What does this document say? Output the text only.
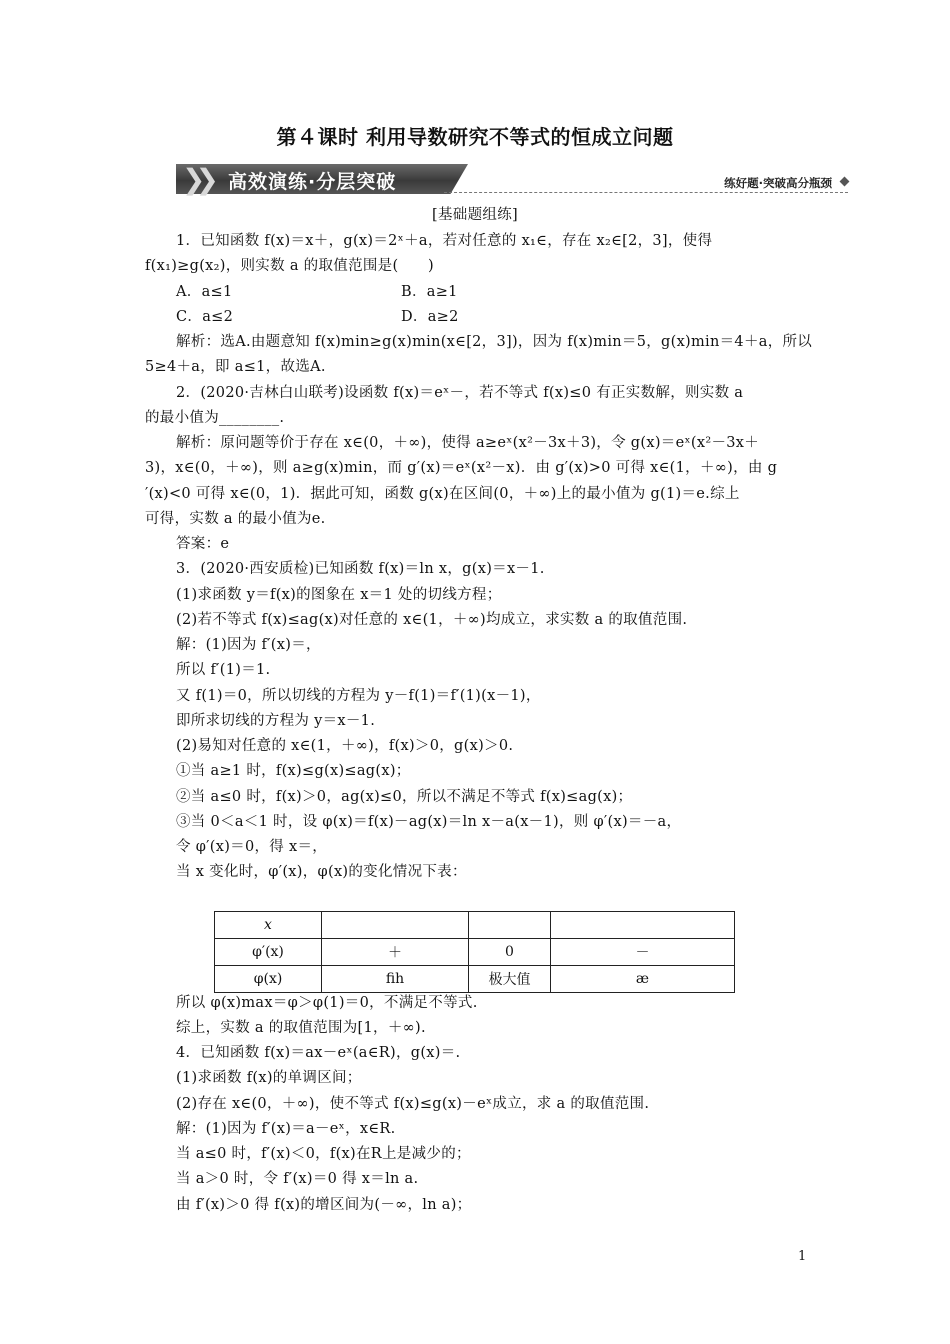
第４课时 利用导数研究不等式的恒成立问题
❯❯ 高效演练·分层突破	练好题·突破高分瓶颈
[基础题组练]
1．已知函数 f(x)＝x＋，g(x)＝2ˣ＋a，若对任意的 x₁∈，存在 x₂∈[2，3]，使得
f(x₁)≥g(x₂)，则实数 a 的取值范围是(　　)
A．a≤1	B．a≥1
C．a≤2	D．a≥2
解析：选A.由题意知 f(x)min≥g(x)min(x∈[2，3])，因为 f(x)min＝5，g(x)min＝4＋a，所以
5≥4＋a，即 a≤1，故选A.
2．(2020·吉林白山联考)设函数 f(x)＝eˣ－，若不等式 f(x)≤0 有正实数解，则实数 a
的最小值为________.
解析：原问题等价于存在 x∈(0，＋∞)，使得 a≥eˣ(x²－3x＋3)，令 g(x)＝eˣ(x²－3x＋
3)，x∈(0，＋∞)，则 a≥g(x)min，而 g′(x)＝eˣ(x²－x)．由 g′(x)>0 可得 x∈(1，＋∞)，由 g
′(x)<0 可得 x∈(0，1)．据此可知，函数 g(x)在区间(0，＋∞)上的最小值为 g(1)＝e.综上
可得，实数 a 的最小值为e.
答案：e
3．(2020·西安质检)已知函数 f(x)＝ln x，g(x)＝x－1.
(1)求函数 y＝f(x)的图象在 x＝1 处的切线方程；
(2)若不等式 f(x)≤ag(x)对任意的 x∈(1，＋∞)均成立，求实数 a 的取值范围.
解：(1)因为 f′(x)＝，
所以 f′(1)＝1.
又 f(1)＝0，所以切线的方程为 y－f(1)＝f′(1)(x－1)，
即所求切线的方程为 y＝x－1.
(2)易知对任意的 x∈(1，＋∞)，f(x)＞0，g(x)＞0.
①当 a≥1 时，f(x)≤g(x)≤ag(x)；
②当 a≤0 时，f(x)＞0，ag(x)≤0，所以不满足不等式 f(x)≤ag(x)；
③当 0＜a＜1 时，设 φ(x)＝f(x)－ag(x)＝ln x－a(x－1)，则 φ′(x)＝－a，
令 φ′(x)＝0，得 x＝，
当 x 变化时，φ′(x)，φ(x)的变化情况下表：
x			
φ′(x)	＋	0	－
φ(x)	ﬁh	极大值	æ
所以 φ(x)max＝φ＞φ(1)＝0，不满足不等式.
综上，实数 a 的取值范围为[1，＋∞).
4．已知函数 f(x)＝ax－eˣ(a∈R)，g(x)＝.
(1)求函数 f(x)的单调区间；
(2)存在 x∈(0，＋∞)，使不等式 f(x)≤g(x)－eˣ成立，求 a 的取值范围.
解：(1)因为 f′(x)＝a－eˣ，x∈R.
当 a≤0 时，f′(x)＜0，f(x)在R上是减少的；
当 a＞0 时，令 f′(x)＝0 得 x＝ln a.
由 f′(x)＞0 得 f(x)的增区间为(－∞，ln a)；
1
